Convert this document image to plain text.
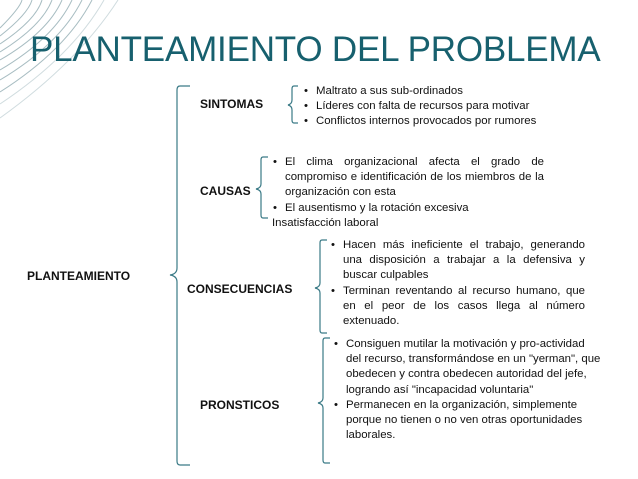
PLANTEAMIENTO DEL PROBLEMA
PLANTEAMIENTO
SINTOMAS
CAUSAS
CONSECUENCIAS
PRONSTICOS
• Maltrato a sus sub-ordinados
• Líderes con falta de recursos para motivar
• Conflictos internos provocados por rumores
• El clima organizacional afecta el grado de compromiso e identificación de los miembros de la organización con esta
• El ausentismo y la rotación excesiva
Insatisfacción laboral
• Hacen más ineficiente el trabajo, generando una disposición a trabajar a la defensiva y buscar culpables
• Terminan reventando al recurso humano, que en el peor de los casos llega al número extenuado.
• Consiguen mutilar la motivación y pro-actividad del recurso, transformándose en un "yerman", que obedecen y contra obedecen autoridad del jefe, logrando así "incapacidad voluntaria"
• Permanecen en la organización, simplemente porque no tienen o no ven otras oportunidades laborales.
